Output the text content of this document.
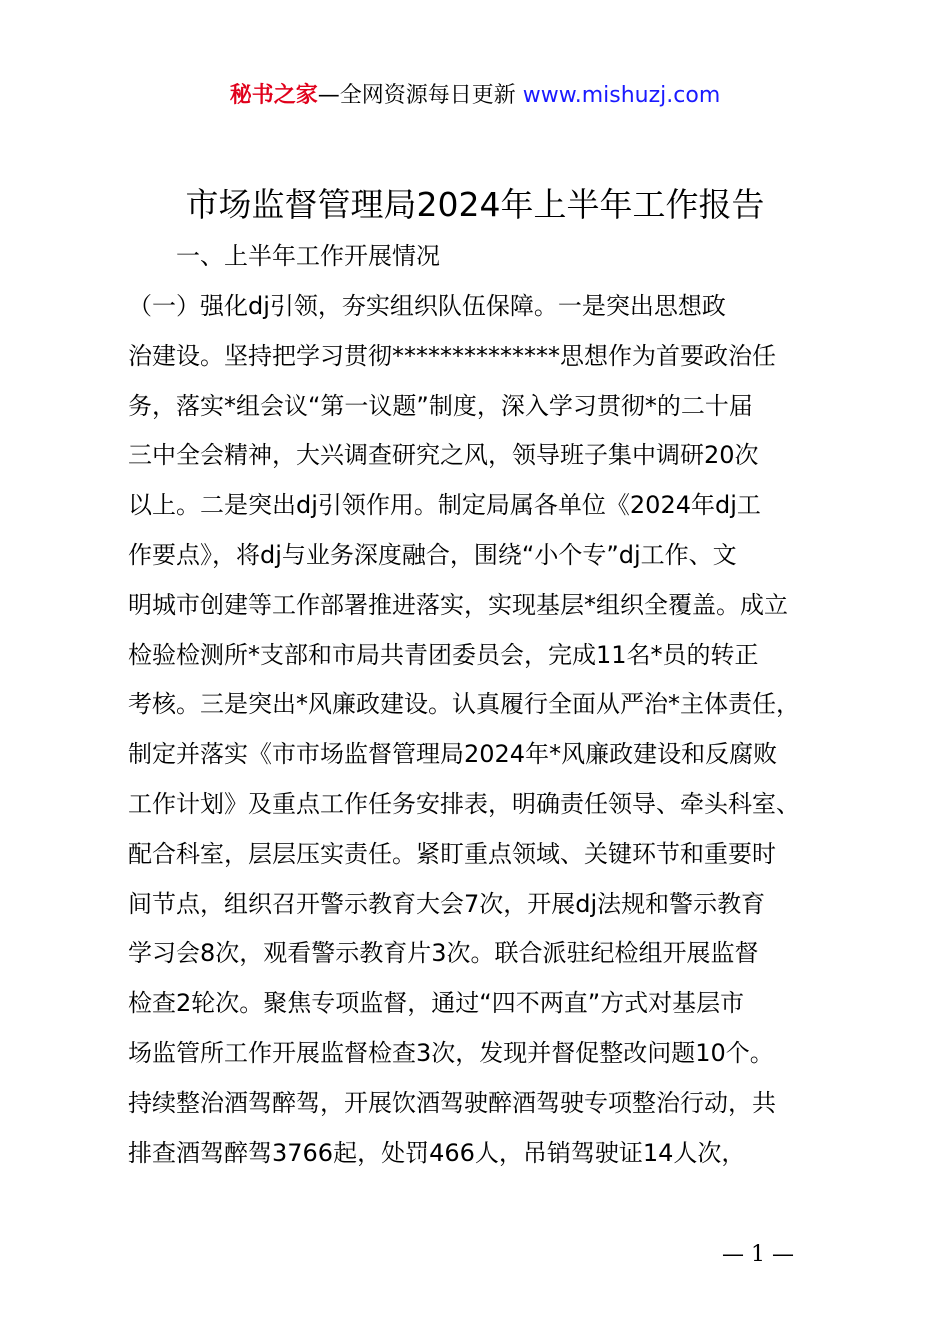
秘书之家—全网资源每日更新 www.mishuzj.com
市场监督管理局2024年上半年工作报告
一、上半年工作开展情况
（一）强化dj引领，夯实组织队伍保障。一是突出思想政
治建设。坚持把学习贯彻**************思想作为首要政治任
务，落实*组会议“第一议题”制度，深入学习贯彻*的二十届
三中全会精神，大兴调查研究之风，领导班子集中调研20次
以上。二是突出dj引领作用。制定局属各单位《2024年dj工
作要点》，将dj与业务深度融合，围绕“小个专”dj工作、文
明城市创建等工作部署推进落实，实现基层*组织全覆盖。成立
检验检测所*支部和市局共青团委员会，完成11名*员的转正
考核。三是突出*风廉政建设。认真履行全面从严治*主体责任，
制定并落实《市市场监督管理局2024年*风廉政建设和反腐败
工作计划》及重点工作任务安排表，明确责任领导、牵头科室、
配合科室，层层压实责任。紧盯重点领域、关键环节和重要时
间节点，组织召开警示教育大会7次，开展dj法规和警示教育
学习会8次，观看警示教育片3次。联合派驻纪检组开展监督
检查2轮次。聚焦专项监督，通过“四不两直”方式对基层市
场监管所工作开展监督检查3次，发现并督促整改问题10个。
持续整治酒驾醉驾，开展饮酒驾驶醉酒驾驶专项整治行动，共
排查酒驾醉驾3766起，处罚466人，吊销驾驶证14人次，
— 1 —
